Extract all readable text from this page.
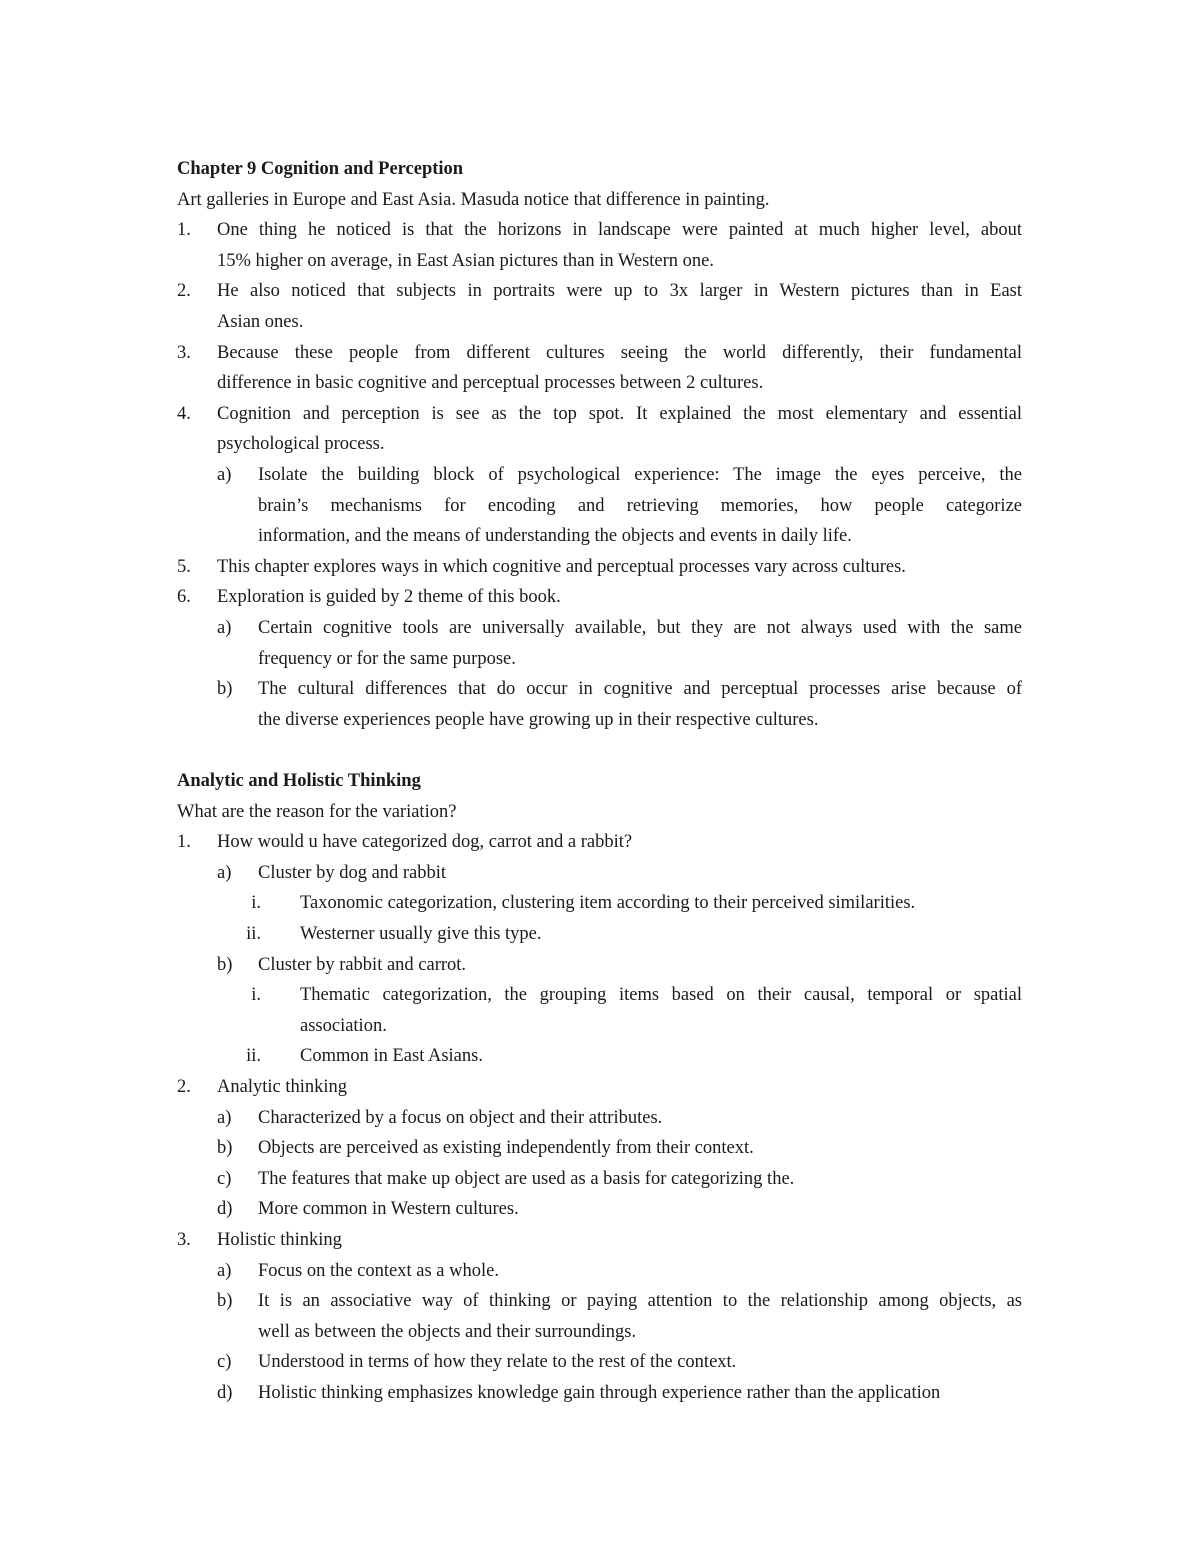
Chapter 9 Cognition and Perception
Art galleries in Europe and East Asia. Masuda notice that difference in painting.
1. One thing he noticed is that the horizons in landscape were painted at much higher level, about
15% higher on average, in East Asian pictures than in Western one.
2. He also noticed that subjects in portraits were up to 3x larger in Western pictures than in East
Asian ones.
3. Because these people from different cultures seeing the world differently, their fundamental
difference in basic cognitive and perceptual processes between 2 cultures.
4. Cognition and perception is see as the top spot. It explained the most elementary and essential
psychological process.
a) Isolate the building block of psychological experience: The image the eyes perceive, the
brain’s mechanisms for encoding and retrieving memories, how people categorize
information, and the means of understanding the objects and events in daily life.
5. This chapter explores ways in which cognitive and perceptual processes vary across cultures.
6. Exploration is guided by 2 theme of this book.
a) Certain cognitive tools are universally available, but they are not always used with the same
frequency or for the same purpose.
b) The cultural differences that do occur in cognitive and perceptual processes arise because of
the diverse experiences people have growing up in their respective cultures.
Analytic and Holistic Thinking
What are the reason for the variation?
1. How would u have categorized dog, carrot and a rabbit?
a) Cluster by dog and rabbit
i. Taxonomic categorization, clustering item according to their perceived similarities.
ii. Westerner usually give this type.
b) Cluster by rabbit and carrot.
i. Thematic categorization, the grouping items based on their causal, temporal or spatial
association.
ii. Common in East Asians.
2. Analytic thinking
a) Characterized by a focus on object and their attributes.
b) Objects are perceived as existing independently from their context.
c) The features that make up object are used as a basis for categorizing the.
d) More common in Western cultures.
3. Holistic thinking
a) Focus on the context as a whole.
b) It is an associative way of thinking or paying attention to the relationship among objects, as
well as between the objects and their surroundings.
c) Understood in terms of how they relate to the rest of the context.
d) Holistic thinking emphasizes knowledge gain through experience rather than the application
